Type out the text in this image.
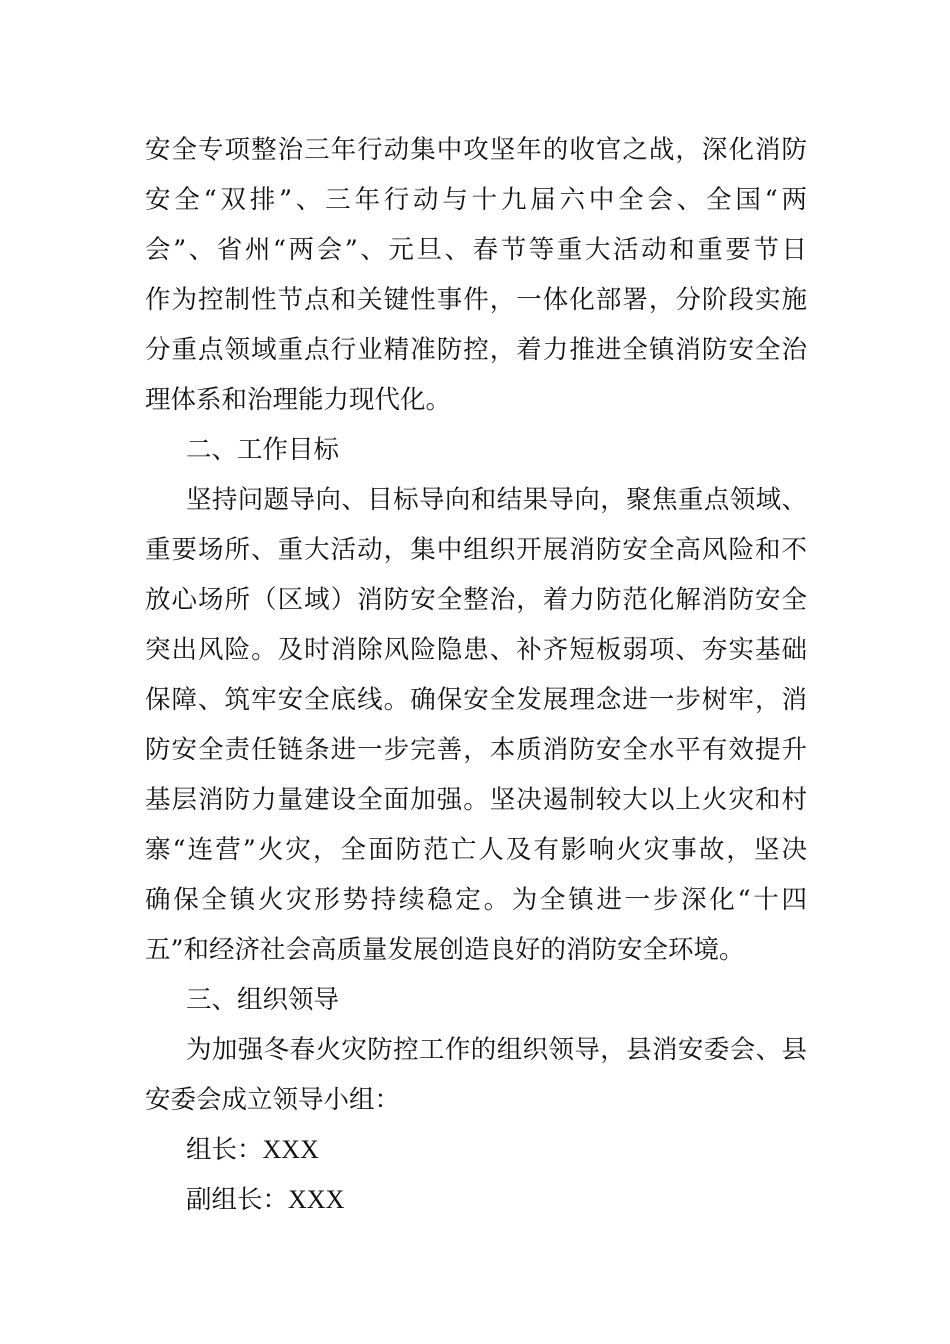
安全专项整治三年行动集中攻坚年的收官之战，深化消防
安全“双排”、三年行动与十九届六中全会、全国“两
会”、省州“两会”、元旦、春节等重大活动和重要节日
作为控制性节点和关键性事件，一体化部署，分阶段实施
分重点领域重点行业精准防控，着力推进全镇消防安全治
理体系和治理能力现代化。
二、工作目标
坚持问题导向、目标导向和结果导向，聚焦重点领域、
重要场所、重大活动，集中组织开展消防安全高风险和不
放心场所（区域）消防安全整治，着力防范化解消防安全
突出风险。及时消除风险隐患、补齐短板弱项、夯实基础
保障、筑牢安全底线。确保安全发展理念进一步树牢，消
防安全责任链条进一步完善，本质消防安全水平有效提升
基层消防力量建设全面加强。坚决遏制较大以上火灾和村
寨“连营”火灾，全面防范亡人及有影响火灾事故，坚决
确保全镇火灾形势持续稳定。为全镇进一步深化“十四
五”和经济社会高质量发展创造良好的消防安全环境。
三、组织领导
为加强冬春火灾防控工作的组织领导，县消安委会、县
安委会成立领导小组：
组长：XXX
副组长：XXX
